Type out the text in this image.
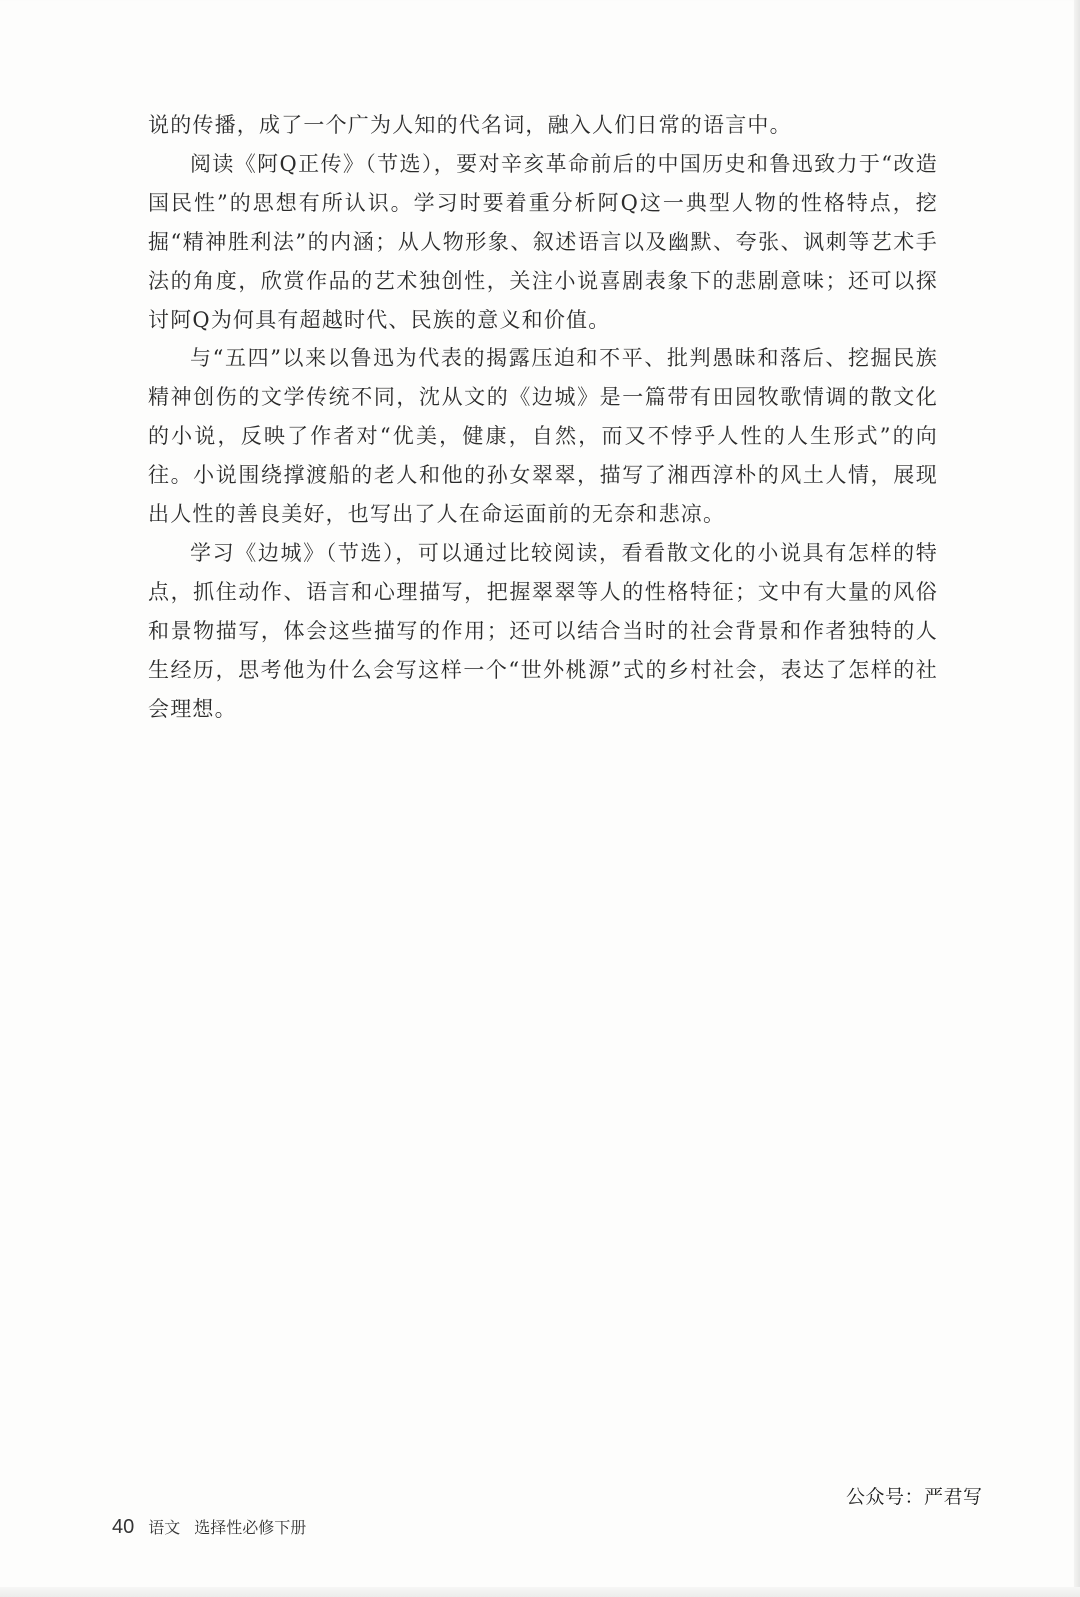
说的传播，成了一个广为人知的代名词，融入人们日常的语言中。

阅读《阿Q正传》（节选），要对辛亥革命前后的中国历史和鲁迅致力于“改造国民性”的思想有所认识。学习时要着重分析阿Q这一典型人物的性格特点，挖掘“精神胜利法”的内涵；从人物形象、叙述语言以及幽默、夸张、讽刺等艺术手法的角度，欣赏作品的艺术独创性，关注小说喜剧表象下的悲剧意味；还可以探讨阿Q为何具有超越时代、民族的意义和价值。

与“五四”以来以鲁迅为代表的揭露压迫和不平、批判愚昧和落后、挖掘民族精神创伤的文学传统不同，沈从文的《边城》是一篇带有田园牧歌情调的散文化的小说，反映了作者对“优美，健康，自然，而又不悖乎人性的人生形式”的向往。小说围绕撑渡船的老人和他的孙女翠翠，描写了湘西淳朴的风土人情，展现出人性的善良美好，也写出了人在命运面前的无奈和悲凉。

学习《边城》（节选），可以通过比较阅读，看看散文化的小说具有怎样的特点，抓住动作、语言和心理描写，把握翠翠等人的性格特征；文中有大量的风俗和景物描写，体会这些描写的作用；还可以结合当时的社会背景和作者独特的人生经历，思考他为什么会写这样一个“世外桃源”式的乡村社会，表达了怎样的社会理想。

公众号：严君写
40 语文 选择性必修下册
